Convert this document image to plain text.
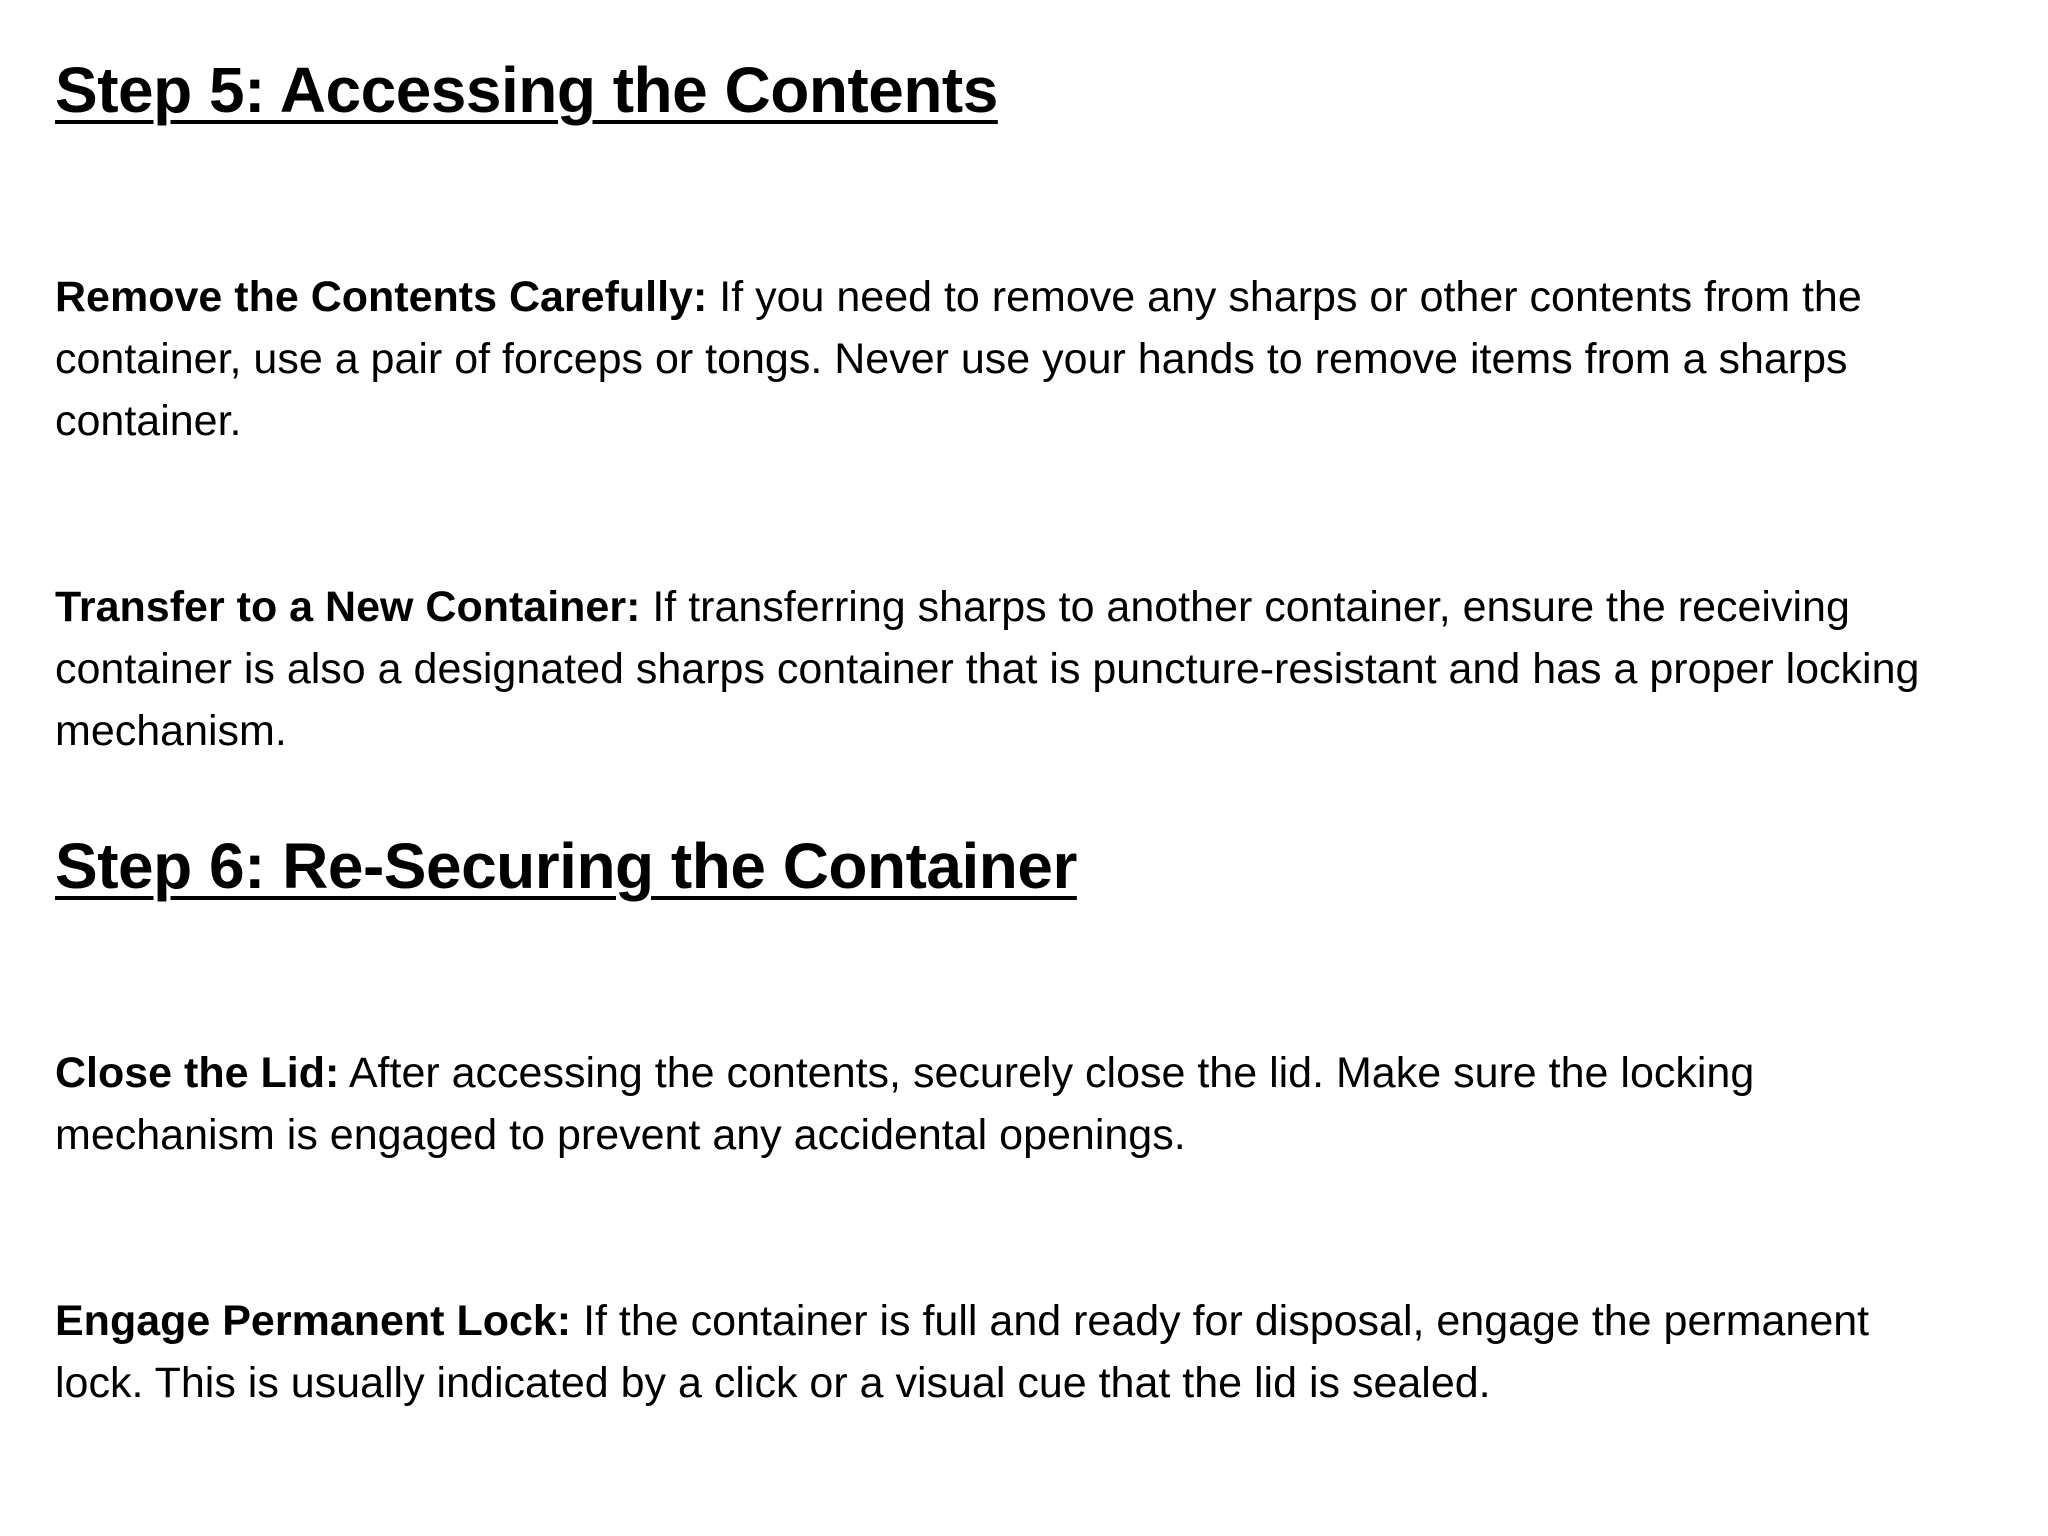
Step 5: Accessing the Contents

Remove the Contents Carefully: If you need to remove any sharps or other contents from the container, use a pair of forceps or tongs. Never use your hands to remove items from a sharps container.

Transfer to a New Container: If transferring sharps to another container, ensure the receiving container is also a designated sharps container that is puncture-resistant and has a proper locking mechanism.

Step 6: Re-Securing the Container

Close the Lid: After accessing the contents, securely close the lid. Make sure the locking mechanism is engaged to prevent any accidental openings.

Engage Permanent Lock: If the container is full and ready for disposal, engage the permanent lock. This is usually indicated by a click or a visual cue that the lid is sealed.
